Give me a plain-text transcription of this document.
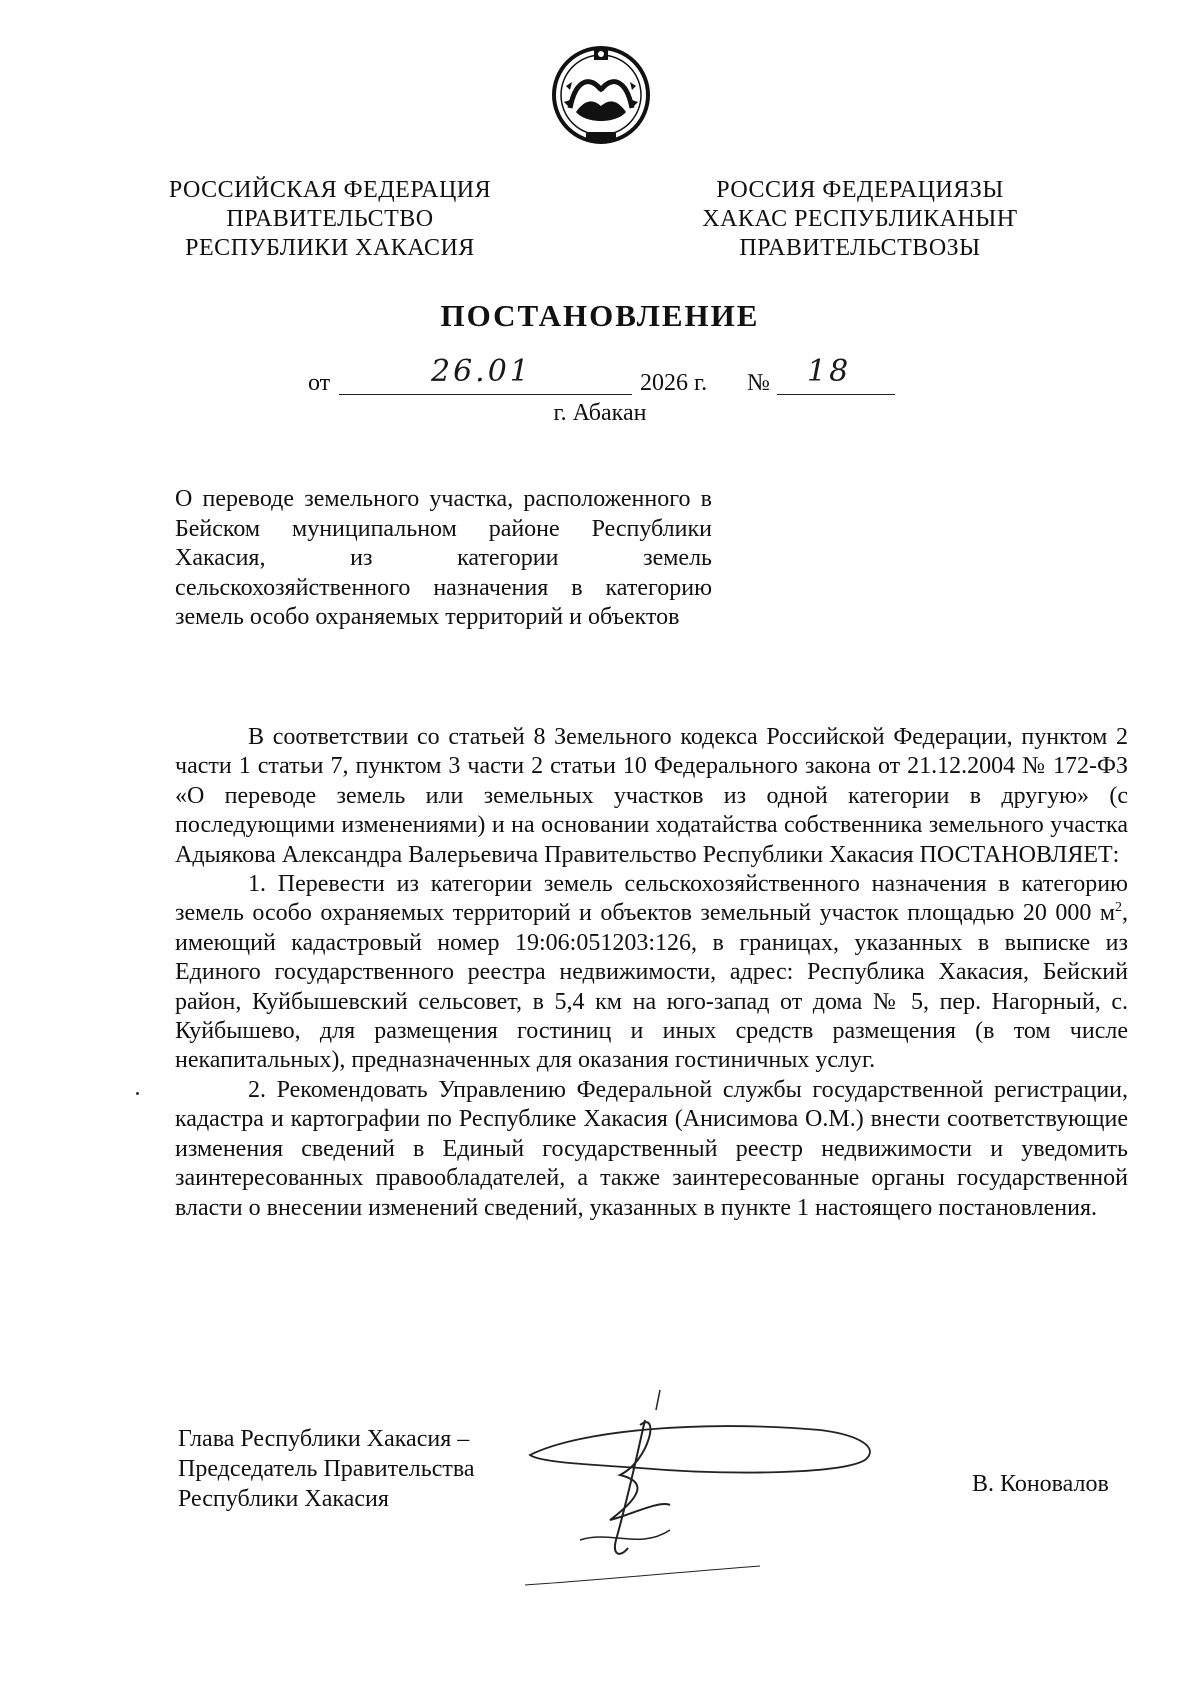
РОССИЙСКАЯ ФЕДЕРАЦИЯ
ПРАВИТЕЛЬСТВО
РЕСПУБЛИКИ ХАКАСИЯ
РОССИЯ ФЕДЕРАЦИЯЗЫ
ХАКАС РЕСПУБЛИКАНЫҤ
ПРАВИТЕЛЬСТВОЗЫ
ПОСТАНОВЛЕНИЕ
от	26.01	2026 г. № 18
г. Абакан
О переводе земельного участка, расположенного в Бейском муниципальном районе Республики Хакасия, из категории земель сельскохозяйственного назначения в категорию земель особо охраняемых территорий и объектов

В соответствии со статьей 8 Земельного кодекса Российской Федерации, пунктом 2 части 1 статьи 7, пунктом 3 части 2 статьи 10 Федерального закона от 21.12.2004 № 172-ФЗ «О переводе земель или земельных участков из одной категории в другую» (с последующими изменениями) и на основании ходатайства собственника земельного участка Адыякова Александра Валерьевича Правительство Республики Хакасия ПОСТАНОВЛЯЕТ:

1. Перевести из категории земель сельскохозяйственного назначения в категорию земель особо охраняемых территорий и объектов земельный участок площадью 20 000 $м^2$, имеющий кадастровый номер 19:06:051203:126, в границах, указанных в выписке из Единого государственного реестра недвижимости, адрес: Республика Хакасия, Бейский район, Куйбышевский сельсовет, в 5,4 км на юго-запад от дома № 5, пер. Нагорный, с. Куйбышево, для размещения гостиниц и иных средств размещения (в том числе некапитальных), предназначенных для оказания гостиничных услуг.

2. Рекомендовать Управлению Федеральной службы государственной регистрации, кадастра и картографии по Республике Хакасия (Анисимова О.М.) внести соответствующие изменения сведений в Единый государственный реестр недвижимости и уведомить заинтересованных правообладателей, а также заинтересованные органы государственной власти о внесении изменений сведений, указанных в пункте 1 настоящего постановления.

Глава Республики Хакасия –
Председатель Правительства
Республики Хакасия
В. Коновалов
